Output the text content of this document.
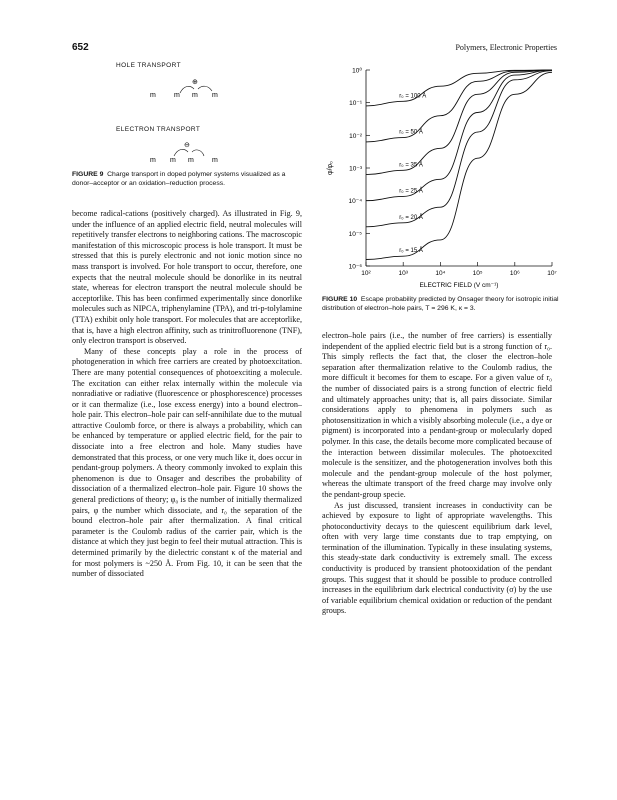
652	Polymers, Electronic Properties
HOLE TRANSPORT
⊕
m	m m m
ELECTRON TRANSPORT
⊖
m m m	m
FIGURE 9 Charge transport in doped polymer systems visualized as a donor–acceptor or an oxidation–reduction process.
10²	10³	10⁴	10⁵	10⁶	10⁷
10⁰
10⁻¹
10⁻²
10⁻³
10⁻⁴
10⁻⁵
10⁻⁶
ELECTRIC FIELD (V cm⁻¹)
φ/φ₀
r₀ = 100 Å
r₀ = 50 Å
r₀ = 35 Å
r₀ = 25 Å
r₀ = 20 Å
r₀ = 15 Å
FIGURE 10 Escape probability predicted by Onsager theory for isotropic initial distribution of electron–hole pairs, T = 296 K, κ = 3.

become radical-cations (positively charged). As illustrated in Fig. 9, under the influence of an applied electric field, neutral molecules will repetitively transfer electrons to neighboring cations. The macroscopic manifestation of this microscopic process is hole transport. It must be stressed that this is purely electronic and not ionic motion since no mass transport is involved. For hole transport to occur, therefore, one expects that the neutral molecule should be donorlike in its neutral state, whereas for electron transport the neutral molecule should be acceptorlike. This has been confirmed experimentally since donorlike molecules such as NIPCA, triphenylamine (TPA), and tri-p-tolylamine (TTA) exhibit only hole transport. For molecules that are acceptorlike, that is, have a high electron affinity, such as trinitrofluorenone (TNF), only electron transport is observed.

Many of these concepts play a role in the process of photogeneration in which free carriers are created by photoexcitation. There are many potential consequences of photoexciting a molecule. The excitation can either relax internally within the molecule via nonradiative or radiative (fluorescence or phosphorescence) processes or it can thermalize (i.e., lose excess energy) into a bound electron–hole pair. This electron–hole pair can self-annihilate due to the mutual attractive Coulomb force, or there is always a probability, which can be enhanced by temperature or applied electric field, for the pair to dissociate into a free electron and hole. Many studies have demonstrated that this process, or one very much like it, does occur in pendant-group polymers. A theory commonly invoked to explain this phenomenon is due to Onsager and describes the probability of dissociation of a thermalized electron–hole pair. Figure 10 shows the general predictions of theory; φ₀ is the number of initially thermalized pairs, φ the number which dissociate, and r₀ the separation of the bound electron–hole pair after thermalization. A final critical parameter is the Coulomb radius of the carrier pair, which is the distance at which they just begin to feel their mutual attraction. This is determined primarily by the dielectric constant κ of the material and for most polymers is ~250 Å. From Fig. 10, it can be seen that the number of dissociated

electron–hole pairs (i.e., the number of free carriers) is essentially independent of the applied electric field but is a strong function of r₀. This simply reflects the fact that, the closer the electron–hole separation after thermalization relative to the Coulomb radius, the more difficult it becomes for them to escape. For a given value of r₀ the number of dissociated pairs is a strong function of electric field and ultimately approaches unity; that is, all pairs dissociate. Similar considerations apply to phenomena in polymers such as photosensitization in which a visibly absorbing molecule (i.e., a dye or pigment) is incorporated into a pendant-group or molecularly doped polymer. In this case, the details become more complicated because of the interaction between dissimilar molecules. The photoexcited molecule is the sensitizer, and the photogeneration involves both this molecule and the pendant-group molecule of the host polymer, whereas the ultimate transport of the freed charge may involve only the pendant-group specie.

As just discussed, transient increases in conductivity can be achieved by exposure to light of appropriate wavelengths. This photoconductivity decays to the quiescent equilibrium dark level, often with very large time constants due to trap emptying, on termination of the illumination. Typically in these insulating systems, this steady-state dark conductivity is extremely small. The excess conductivity is produced by transient photooxidation of the pendant groups. This suggest that it should be possible to produce controlled increases in the equilibrium dark electrical conductivity (σ) by the use of variable equilibrium chemical oxidation or reduction of the pendant groups.
